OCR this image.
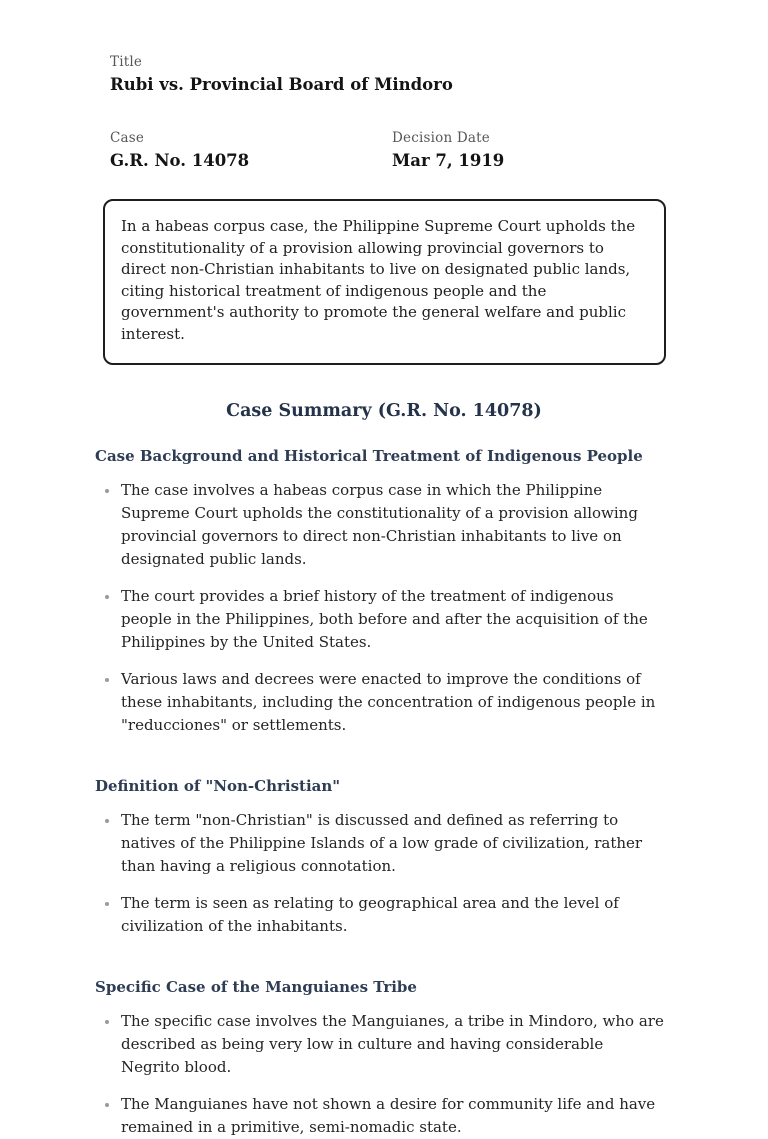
Title
Rubi vs. Provincial Board of Mindoro
Case
G.R. No. 14078
Decision Date
Mar 7, 1919
In a habeas corpus case, the Philippine Supreme Court upholds the constitutionality of a provision allowing provincial governors to direct non-Christian inhabitants to live on designated public lands, citing historical treatment of indigenous people and the government's authority to promote the general welfare and public interest.
Case Summary (G.R. No. 14078)
Case Background and Historical Treatment of Indigenous People
The case involves a habeas corpus case in which the Philippine Supreme Court upholds the constitutionality of a provision allowing provincial governors to direct non-Christian inhabitants to live on designated public lands.
The court provides a brief history of the treatment of indigenous people in the Philippines, both before and after the acquisition of the Philippines by the United States.
Various laws and decrees were enacted to improve the conditions of these inhabitants, including the concentration of indigenous people in "reducciones" or settlements.
Definition of "Non-Christian"
The term "non-Christian" is discussed and defined as referring to natives of the Philippine Islands of a low grade of civilization, rather than having a religious connotation.
The term is seen as relating to geographical area and the level of civilization of the inhabitants.
Specific Case of the Manguianes Tribe
The specific case involves the Manguianes, a tribe in Mindoro, who are described as being very low in culture and having considerable Negrito blood.
The Manguianes have not shown a desire for community life and have remained in a primitive, semi-nomadic state.
